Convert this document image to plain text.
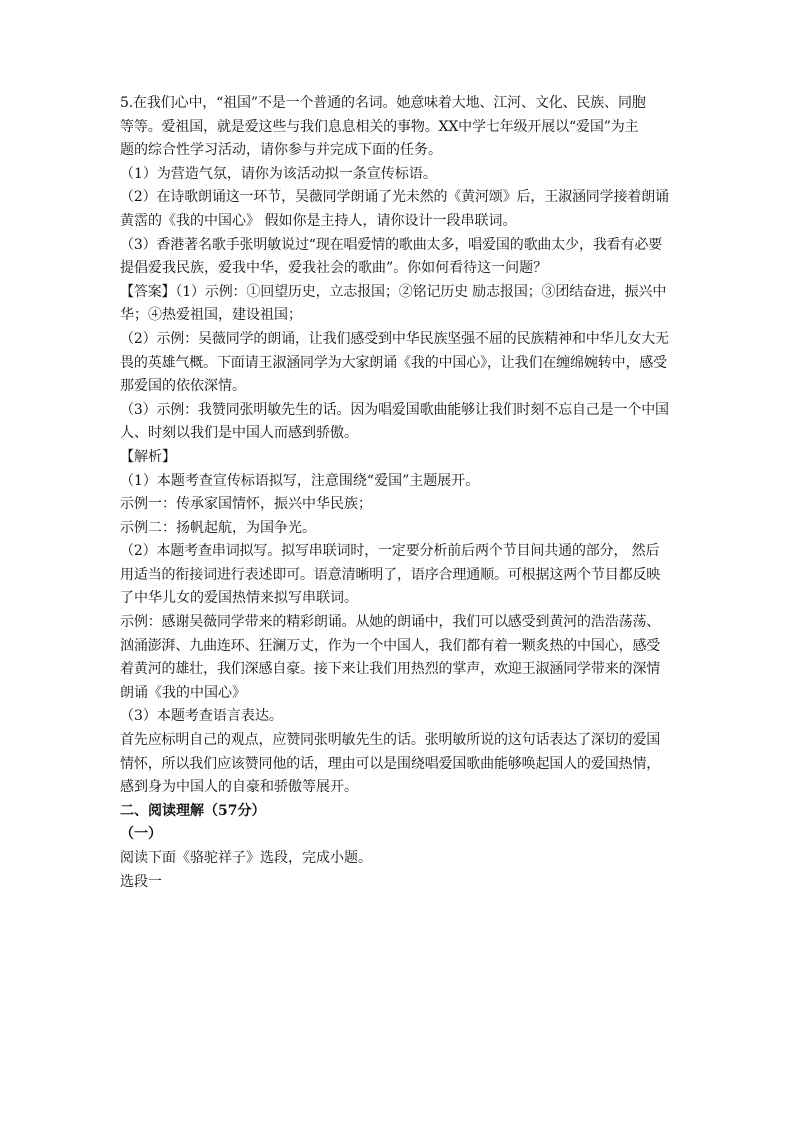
5.在我们心中，“祖国”不是一个普通的名词。她意味着大地、江河、文化、民族、同胞
等等。爱祖国，就是爱这些与我们息息相关的事物。XX中学七年级开展以“爱国”为主
题的综合性学习活动，请你参与并完成下面的任务。
（1）为营造气氛，请你为该活动拟一条宣传标语。
（2）在诗歌朗诵这一环节，吴薇同学朗诵了光未然的《黄河颂》后，王淑涵同学接着朗诵
黄霑的《我的中国心》 假如你是主持人，请你设计一段串联词。
（3）香港著名歌手张明敏说过“现在唱爱情的歌曲太多，唱爱国的歌曲太少，我看有必要
提倡爱我民族，爱我中华，爱我社会的歌曲”。你如何看待这一问题？
【答案】（1）示例：①回望历史，立志报国；②铭记历史 励志报国；③团结奋进，振兴中
华；④热爱祖国，建设祖国；
（2）示例：吴薇同学的朗诵，让我们感受到中华民族坚强不屈的民族精神和中华儿女大无
畏的英雄气概。下面请王淑涵同学为大家朗诵《我的中国心》，让我们在缠绵婉转中，感受
那爱国的依依深情。
（3）示例：我赞同张明敏先生的话。因为唱爱国歌曲能够让我们时刻不忘自己是一个中国
人、时刻以我们是中国人而感到骄傲。
【解析】
（1）本题考查宣传标语拟写，注意围绕“爱国”主题展开。
示例一：传承家国情怀，振兴中华民族；
示例二：扬帆起航，为国争光。
（2）本题考查串词拟写。拟写串联词时，一定要分析前后两个节目间共通的部分， 然后
用适当的衔接词进行表述即可。语意清晰明了，语序合理通顺。可根据这两个节目都反映
了中华儿女的爱国热情来拟写串联词。
示例：感谢吴薇同学带来的精彩朗诵。从她的朗诵中，我们可以感受到黄河的浩浩荡荡、
汹涌澎湃、九曲连环、狂澜万丈，作为一个中国人，我们都有着一颗炙热的中国心，感受
着黄河的雄壮，我们深感自豪。接下来让我们用热烈的掌声，欢迎王淑涵同学带来的深情
朗诵《我的中国心》
（3）本题考查语言表达。
首先应标明自己的观点，应赞同张明敏先生的话。张明敏所说的这句话表达了深切的爱国
情怀，所以我们应该赞同他的话，理由可以是围绕唱爱国歌曲能够唤起国人的爱国热情，
感到身为中国人的自豪和骄傲等展开。
二、阅读理解（57分）
（一）
阅读下面《骆驼祥子》选段，完成小题。
选段一
